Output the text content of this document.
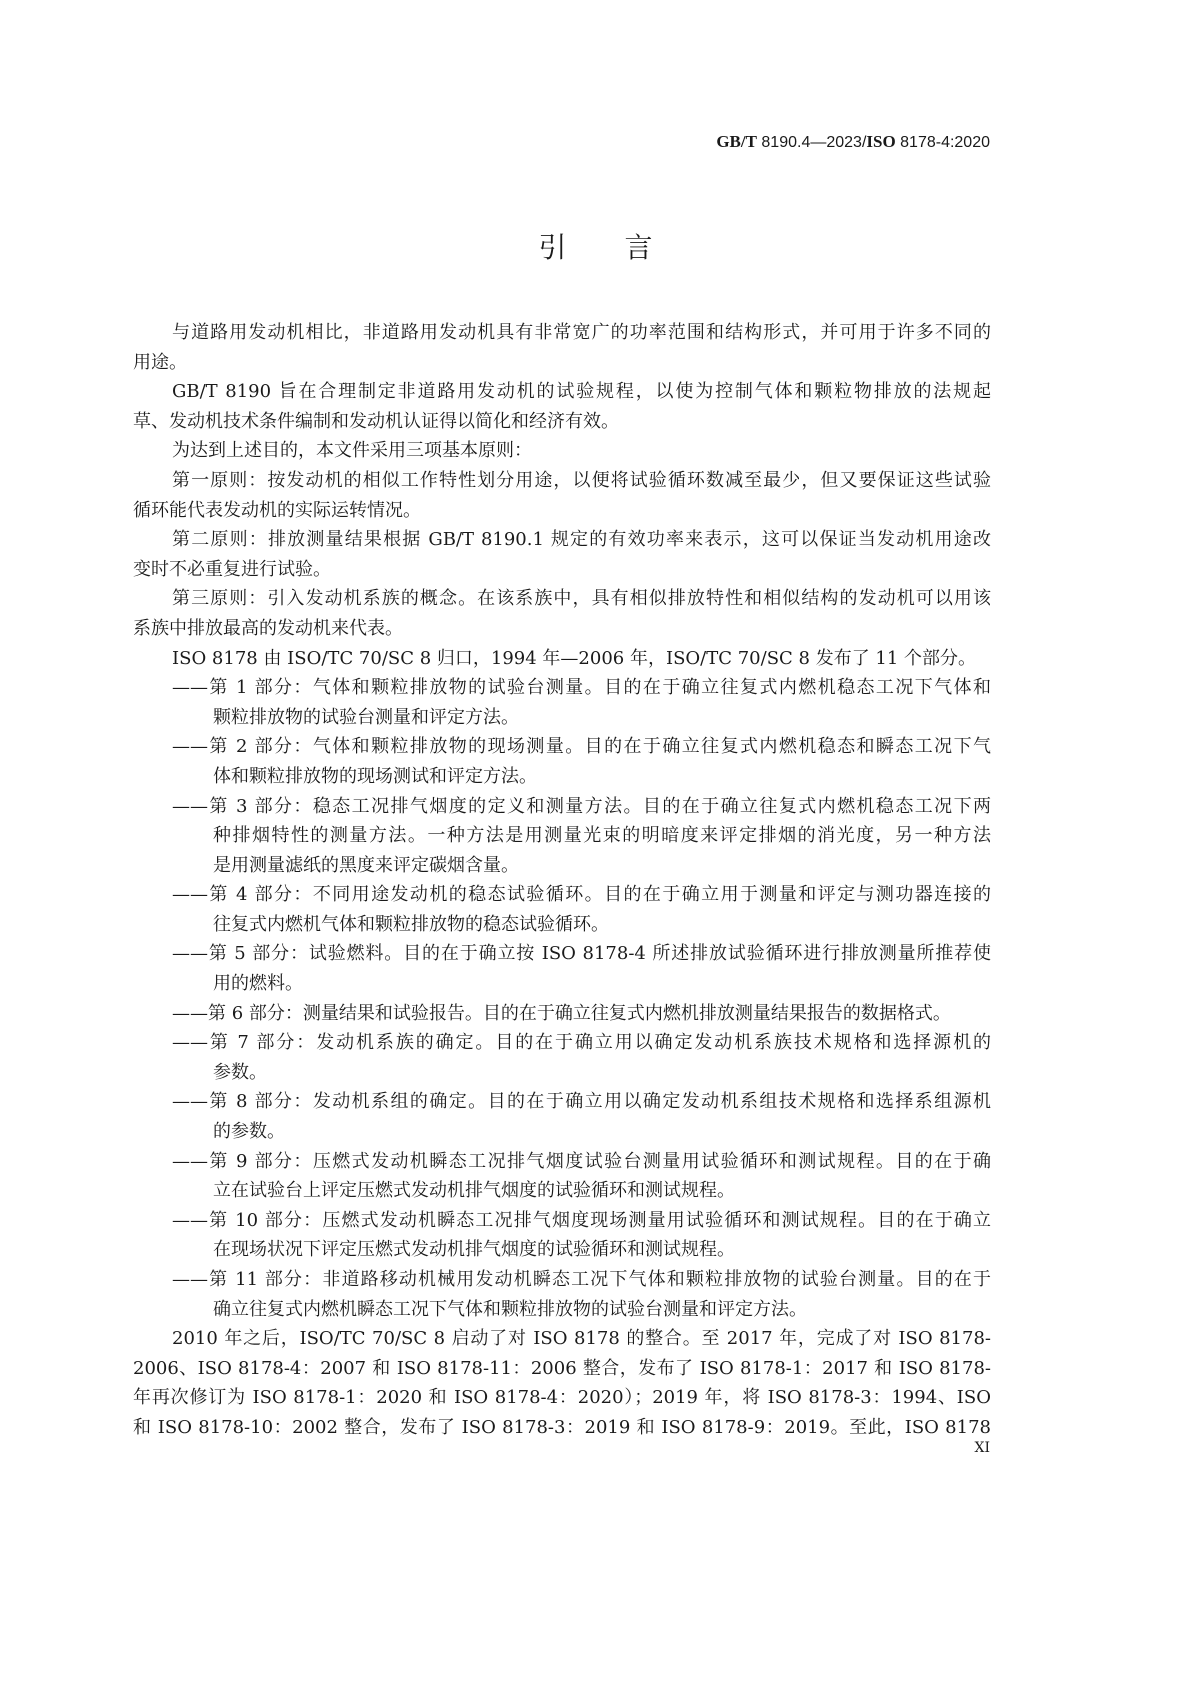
GB/T 8190.4—2023/ISO 8178-4:2020
引言
与道路用发动机相比，非道路用发动机具有非常宽广的功率范围和结构形式，并可用于许多不同的
用途。
GB/T 8190 旨在合理制定非道路用发动机的试验规程，以使为控制气体和颗粒物排放的法规起
草、发动机技术条件编制和发动机认证得以简化和经济有效。
为达到上述目的，本文件采用三项基本原则：
第一原则：按发动机的相似工作特性划分用途，以便将试验循环数减至最少，但又要保证这些试验
循环能代表发动机的实际运转情况。
第二原则：排放测量结果根据 GB/T 8190.1 规定的有效功率来表示，这可以保证当发动机用途改
变时不必重复进行试验。
第三原则：引入发动机系族的概念。在该系族中，具有相似排放特性和相似结构的发动机可以用该
系族中排放最高的发动机来代表。
ISO 8178 由 ISO/TC 70/SC 8 归口，1994 年—2006 年，ISO/TC 70/SC 8 发布了 11 个部分。
——第 1 部分：气体和颗粒排放物的试验台测量。目的在于确立往复式内燃机稳态工况下气体和
颗粒排放物的试验台测量和评定方法。
——第 2 部分：气体和颗粒排放物的现场测量。目的在于确立往复式内燃机稳态和瞬态工况下气
体和颗粒排放物的现场测试和评定方法。
——第 3 部分：稳态工况排气烟度的定义和测量方法。目的在于确立往复式内燃机稳态工况下两
种排烟特性的测量方法。一种方法是用测量光束的明暗度来评定排烟的消光度，另一种方法
是用测量滤纸的黑度来评定碳烟含量。
——第 4 部分：不同用途发动机的稳态试验循环。目的在于确立用于测量和评定与测功器连接的
往复式内燃机气体和颗粒排放物的稳态试验循环。
——第 5 部分：试验燃料。目的在于确立按 ISO 8178-4 所述排放试验循环进行排放测量所推荐使
用的燃料。
——第 6 部分：测量结果和试验报告。目的在于确立往复式内燃机排放测量结果报告的数据格式。
——第 7 部分：发动机系族的确定。目的在于确立用以确定发动机系族技术规格和选择源机的
参数。
——第 8 部分：发动机系组的确定。目的在于确立用以确定发动机系组技术规格和选择系组源机
的参数。
——第 9 部分：压燃式发动机瞬态工况排气烟度试验台测量用试验循环和测试规程。目的在于确
立在试验台上评定压燃式发动机排气烟度的试验循环和测试规程。
——第 10 部分：压燃式发动机瞬态工况排气烟度现场测量用试验循环和测试规程。目的在于确立
在现场状况下评定压燃式发动机排气烟度的试验循环和测试规程。
——第 11 部分：非道路移动机械用发动机瞬态工况下气体和颗粒排放物的试验台测量。目的在于
确立往复式内燃机瞬态工况下气体和颗粒排放物的试验台测量和评定方法。
2010 年之后，ISO/TC 70/SC 8 启动了对 ISO 8178 的整合。至 2017 年，完成了对 ISO 8178-
2006、ISO 8178-4：2007 和 ISO 8178-11：2006 整合，发布了 ISO 8178-1：2017 和 ISO 8178-
年再次修订为 ISO 8178-1：2020 和 ISO 8178-4：2020）；2019 年，将 ISO 8178-3：1994、ISO
和 ISO 8178-10：2002 整合，发布了 ISO 8178-3：2019 和 ISO 8178-9：2019。至此，ISO 8178
XI
